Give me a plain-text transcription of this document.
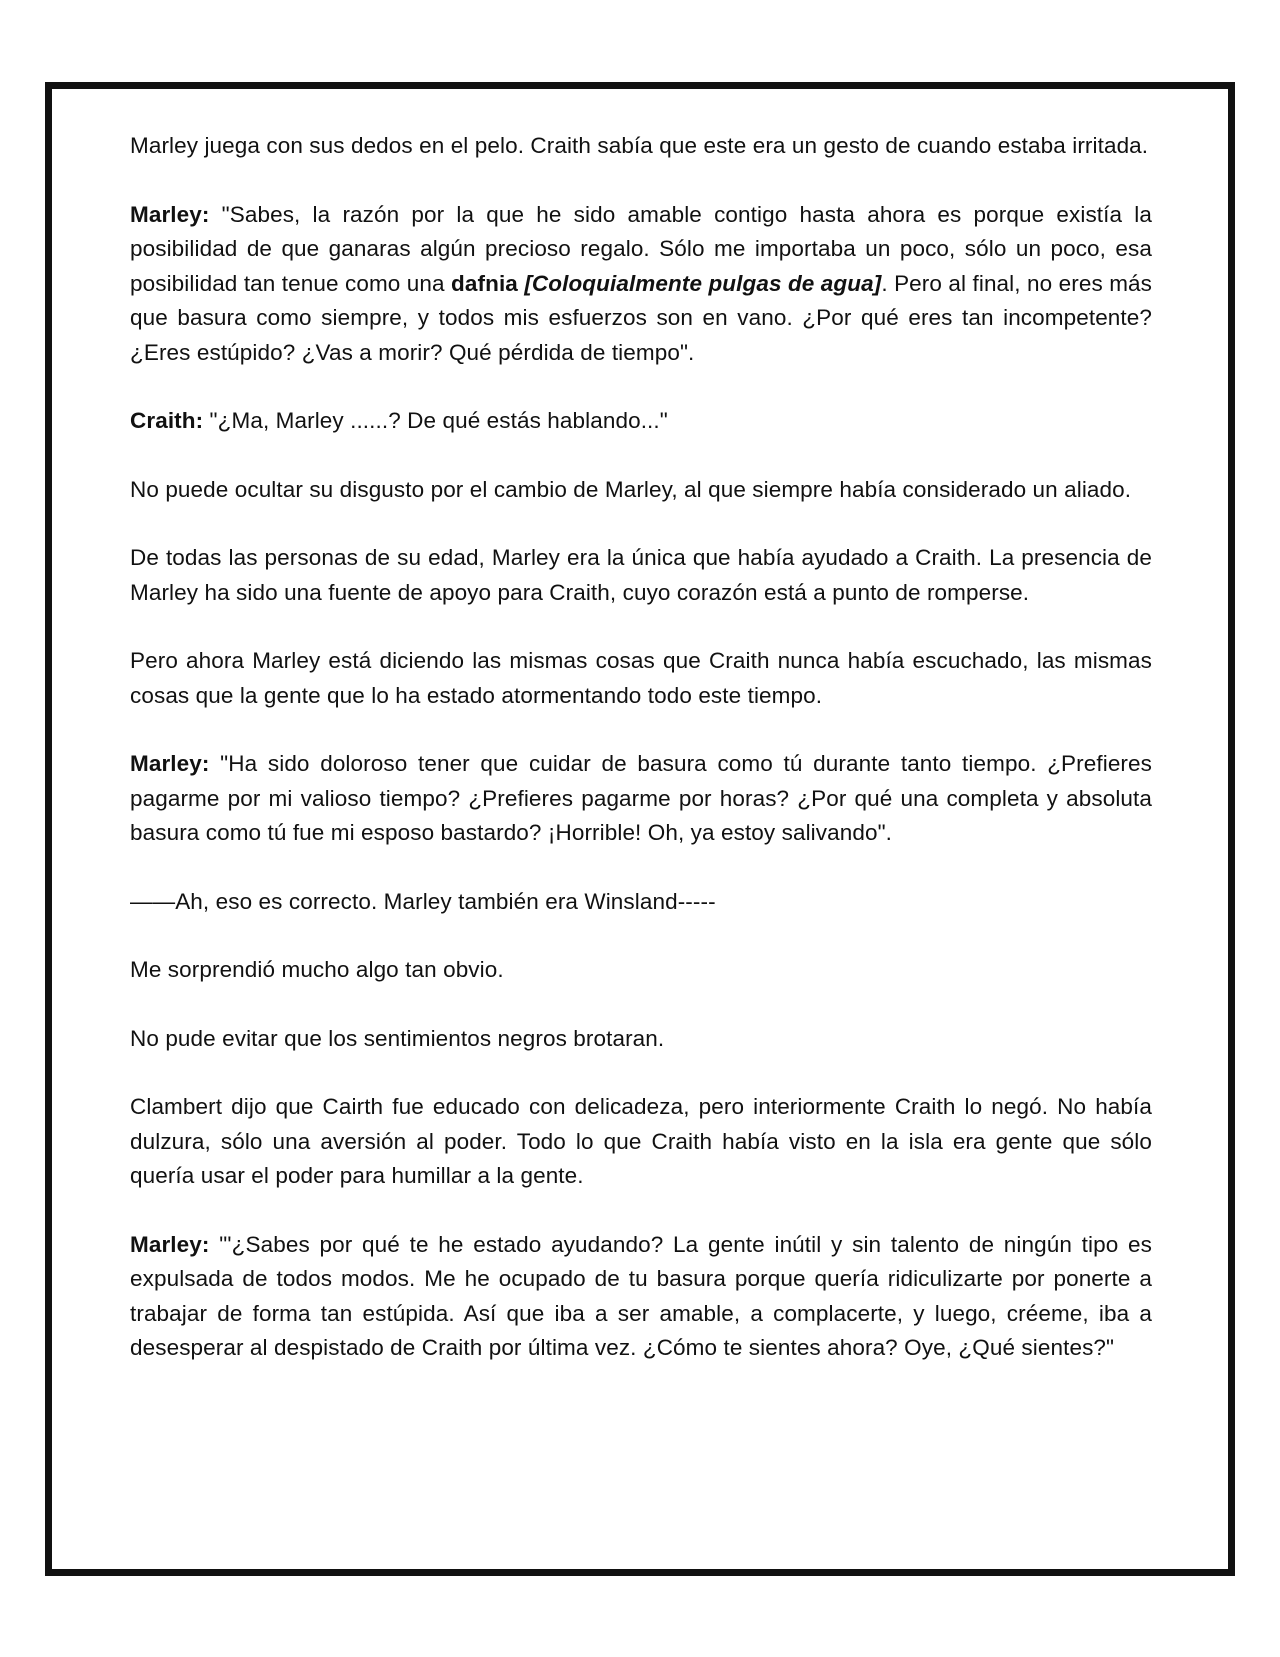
Marley juega con sus dedos en el pelo. Craith sabía que este era un gesto de cuando estaba irritada.

Marley: "Sabes, la razón por la que he sido amable contigo hasta ahora es porque existía la posibilidad de que ganaras algún precioso regalo. Sólo me importaba un poco, sólo un poco, esa posibilidad tan tenue como una dafnia [Coloquialmente pulgas de agua]. Pero al final, no eres más que basura como siempre, y todos mis esfuerzos son en vano. ¿Por qué eres tan incompetente? ¿Eres estúpido? ¿Vas a morir? Qué pérdida de tiempo".

Craith: "¿Ma, Marley ......? De qué estás hablando..."

No puede ocultar su disgusto por el cambio de Marley, al que siempre había considerado un aliado.

De todas las personas de su edad, Marley era la única que había ayudado a Craith. La presencia de Marley ha sido una fuente de apoyo para Craith, cuyo corazón está a punto de romperse.

Pero ahora Marley está diciendo las mismas cosas que Craith nunca había escuchado, las mismas cosas que la gente que lo ha estado atormentando todo este tiempo.

Marley: "Ha sido doloroso tener que cuidar de basura como tú durante tanto tiempo. ¿Prefieres pagarme por mi valioso tiempo? ¿Prefieres pagarme por horas? ¿Por qué una completa y absoluta basura como tú fue mi esposo bastardo? ¡Horrible! Oh, ya estoy salivando".

——Ah, eso es correcto. Marley también era Winsland-----

Me sorprendió mucho algo tan obvio.

No pude evitar que los sentimientos negros brotaran.

Clambert dijo que Cairth fue educado con delicadeza, pero interiormente Craith lo negó. No había dulzura, sólo una aversión al poder. Todo lo que Craith había visto en la isla era gente que sólo quería usar el poder para humillar a la gente.

Marley: "'¿Sabes por qué te he estado ayudando? La gente inútil y sin talento de ningún tipo es expulsada de todos modos. Me he ocupado de tu basura porque quería ridiculizarte por ponerte a trabajar de forma tan estúpida. Así que iba a ser amable, a complacerte, y luego, créeme, iba a desesperar al despistado de Craith por última vez. ¿Cómo te sientes ahora? Oye, ¿Qué sientes?"
